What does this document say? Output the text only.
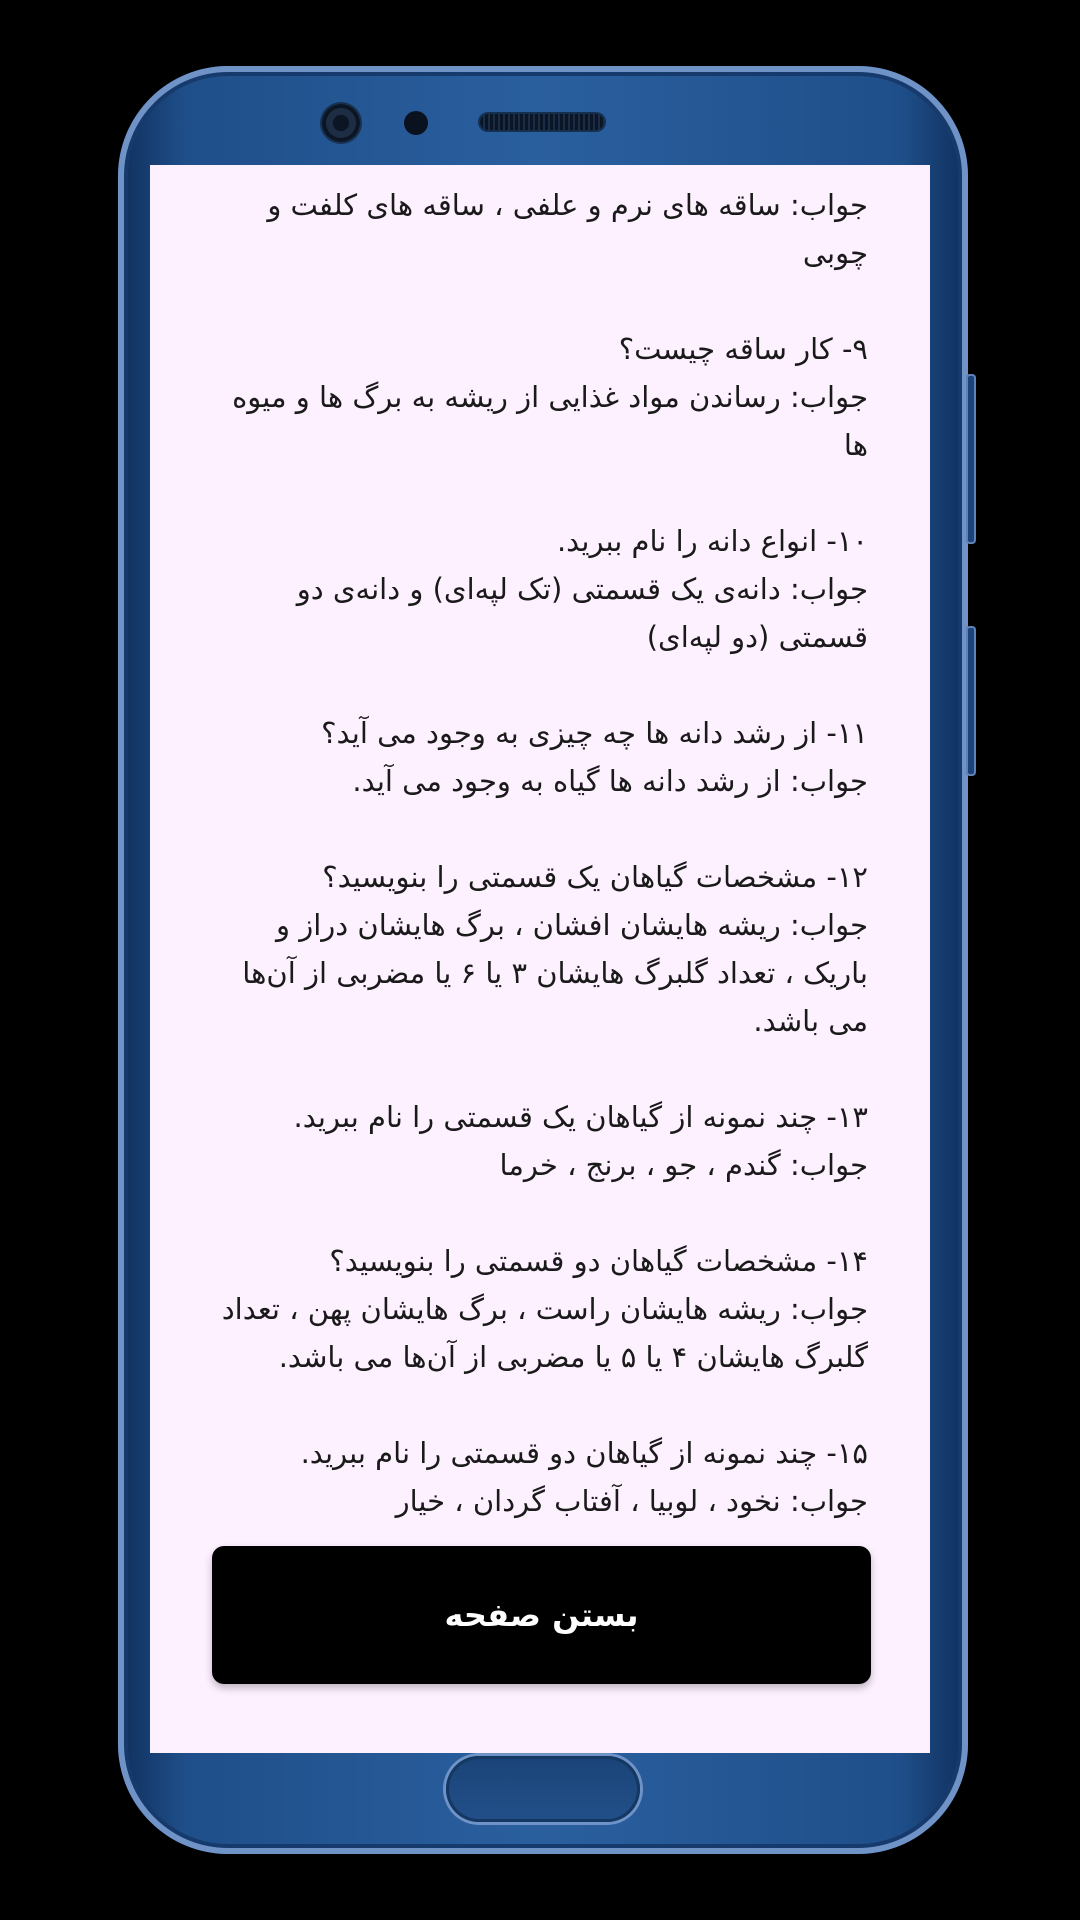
جواب: ساقه های نرم و علفی ، ساقه های کلفت و چوبی

۹- کار ساقه چیست؟

جواب: رساندن مواد غذایی از ریشه به برگ ها و میوه ها

۱۰- انواع دانه را نام ببرید.

جواب: دانه‌ی یک قسمتی (تک لپه‌ای) و دانه‌ی دو قسمتی (دو لپه‌ای)

۱۱- از رشد دانه ها چه چیزی به وجود می آید؟

جواب: از رشد دانه ها گیاه به وجود می آید.

۱۲- مشخصات گیاهان یک قسمتی را بنویسید؟

جواب: ریشه هایشان افشان ، برگ هایشان دراز و باریک ، تعداد گلبرگ هایشان ۳ یا ۶ یا مضربی از آن‌ها می باشد.

۱۳- چند نمونه از گیاهان یک قسمتی را نام ببرید.

جواب: گندم ، جو ، برنج ، خرما

۱۴- مشخصات گیاهان دو قسمتی را بنویسید؟

جواب: ریشه هایشان راست ، برگ هایشان پهن ، تعداد گلبرگ هایشان ۴ یا ۵ یا مضربی از آن‌ها می باشد.

۱۵- چند نمونه از گیاهان دو قسمتی را نام ببرید.

جواب: نخود ، لوبیا ، آفتاب گردان ، خیار

بستن صفحه
